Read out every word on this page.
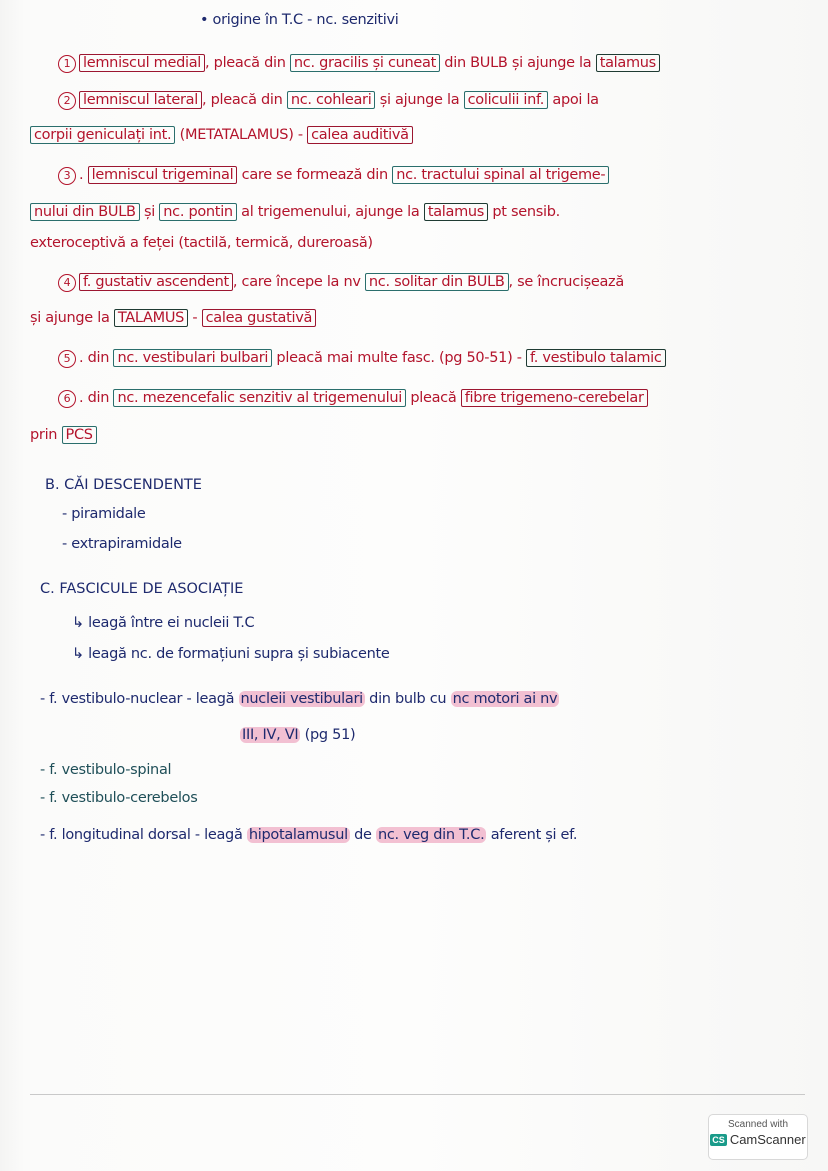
• origine în T.C - nc. senzitivi
1 lemniscul medial , pleacă din nc. gracilis și cuneat din BULB și ajunge la talamus
2 lemniscul lateral , pleacă din nc. cohleari și ajunge la coliculii inf. apoi la
corpii geniculați int. (METATALAMUS) - calea auditivă
3 . lemniscul trigeminal care se formează din nc. tractului spinal al trigeme-
nului din BULB și nc. pontin al trigemenului, ajunge la talamus pt sensib.
exteroceptivă a feței (tactilă, termică, dureroasă)
4 f. gustativ ascendent , care începe la nv nc. solitar din BULB , se încrucișează
și ajunge la TALAMUS - calea gustativă
5 . din nc. vestibulari bulbari pleacă mai multe fasc. (pg 50-51) - f. vestibulo talamic
6 . din nc. mezencefalic senzitiv al trigemenului pleacă fibre trigemeno-cerebelar
prin PCS
B. CĂI DESCENDENTE
- piramidale
- extrapiramidale
C. FASCICULE DE ASOCIAȚIE
↳ leagă între ei nucleii T.C
↳ leagă nc. de formațiuni supra și subiacente
- f. vestibulo-nuclear - leagă nucleii vestibulari din bulb cu nc motori ai nv
III, IV, VI (pg 51)
- f. vestibulo-spinal
- f. vestibulo-cerebelos
- f. longitudinal dorsal - leagă hipotalamusul de nc. veg din T.C. aferent și ef.
Scanned with
CS CamScanner
